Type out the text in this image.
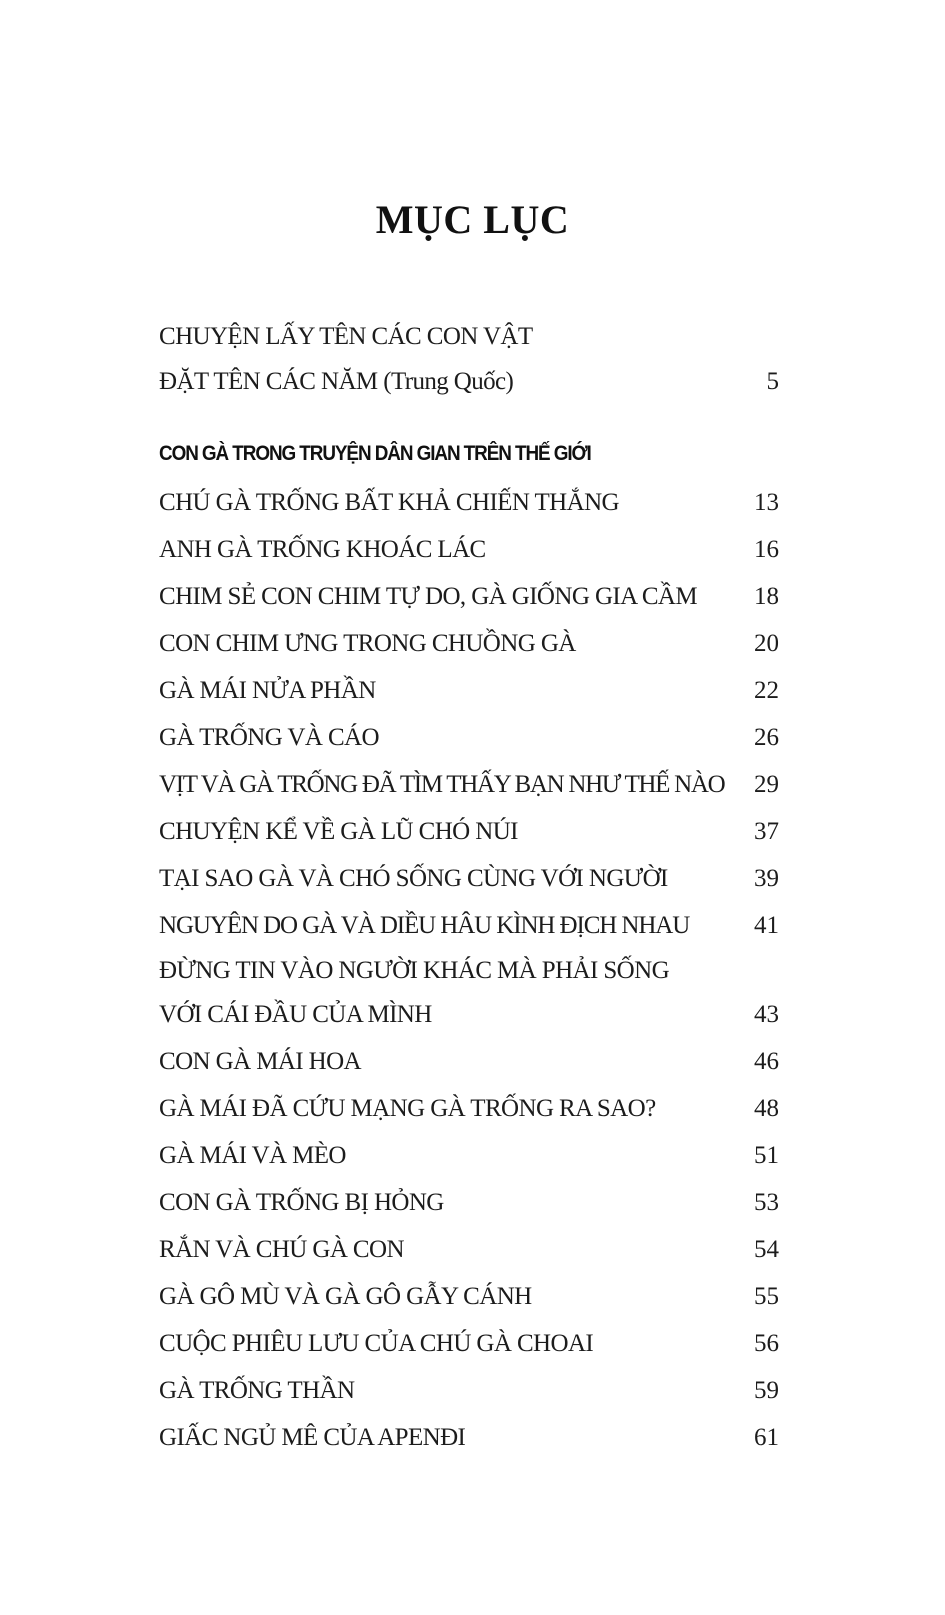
MỤC LỤC
CHUYỆN LẤY TÊN CÁC CON VẬT
ĐẶT TÊN CÁC NĂM (Trung Quốc)	5
CON GÀ TRONG TRUYỆN DÂN GIAN TRÊN THẾ GIỚI
CHÚ GÀ TRỐNG BẤT KHẢ CHIẾN THẮNG	13
ANH GÀ TRỐNG KHOÁC LÁC	16
CHIM SẺ CON CHIM TỰ DO, GÀ GIỐNG GIA CẦM 18
CON CHIM ƯNG TRONG CHUỒNG GÀ	20
GÀ MÁI NỬA PHẦN	22
GÀ TRỐNG VÀ CÁO	26
VỊT VÀ GÀ TRỐNG ĐÃ TÌM THẤY BẠN NHƯ THẾ NÀO 29
CHUYỆN KỂ VỀ GÀ LŨ CHÓ NÚI	37
TẠI SAO GÀ VÀ CHÓ SỐNG CÙNG VỚI NGƯỜI	39
NGUYÊN DO GÀ VÀ DIỀU HÂU KÌNH ĐỊCH NHAU	41
ĐỪNG TIN VÀO NGƯỜI KHÁC MÀ PHẢI SỐNG
VỚI CÁI ĐẦU CỦA MÌNH	43
CON GÀ MÁI HOA	46
GÀ MÁI ĐÃ CỨU MẠNG GÀ TRỐNG RA SAO?	48
GÀ MÁI VÀ MÈO	51
CON GÀ TRỐNG BỊ HỎNG	53
RẮN VÀ CHÚ GÀ CON	54
GÀ GÔ MÙ VÀ GÀ GÔ GẪY CÁNH	55
CUỘC PHIÊU LƯU CỦA CHÚ GÀ CHOAI	56
GÀ TRỐNG THẦN	59
GIẤC NGỦ MÊ CỦA APENĐI	61
